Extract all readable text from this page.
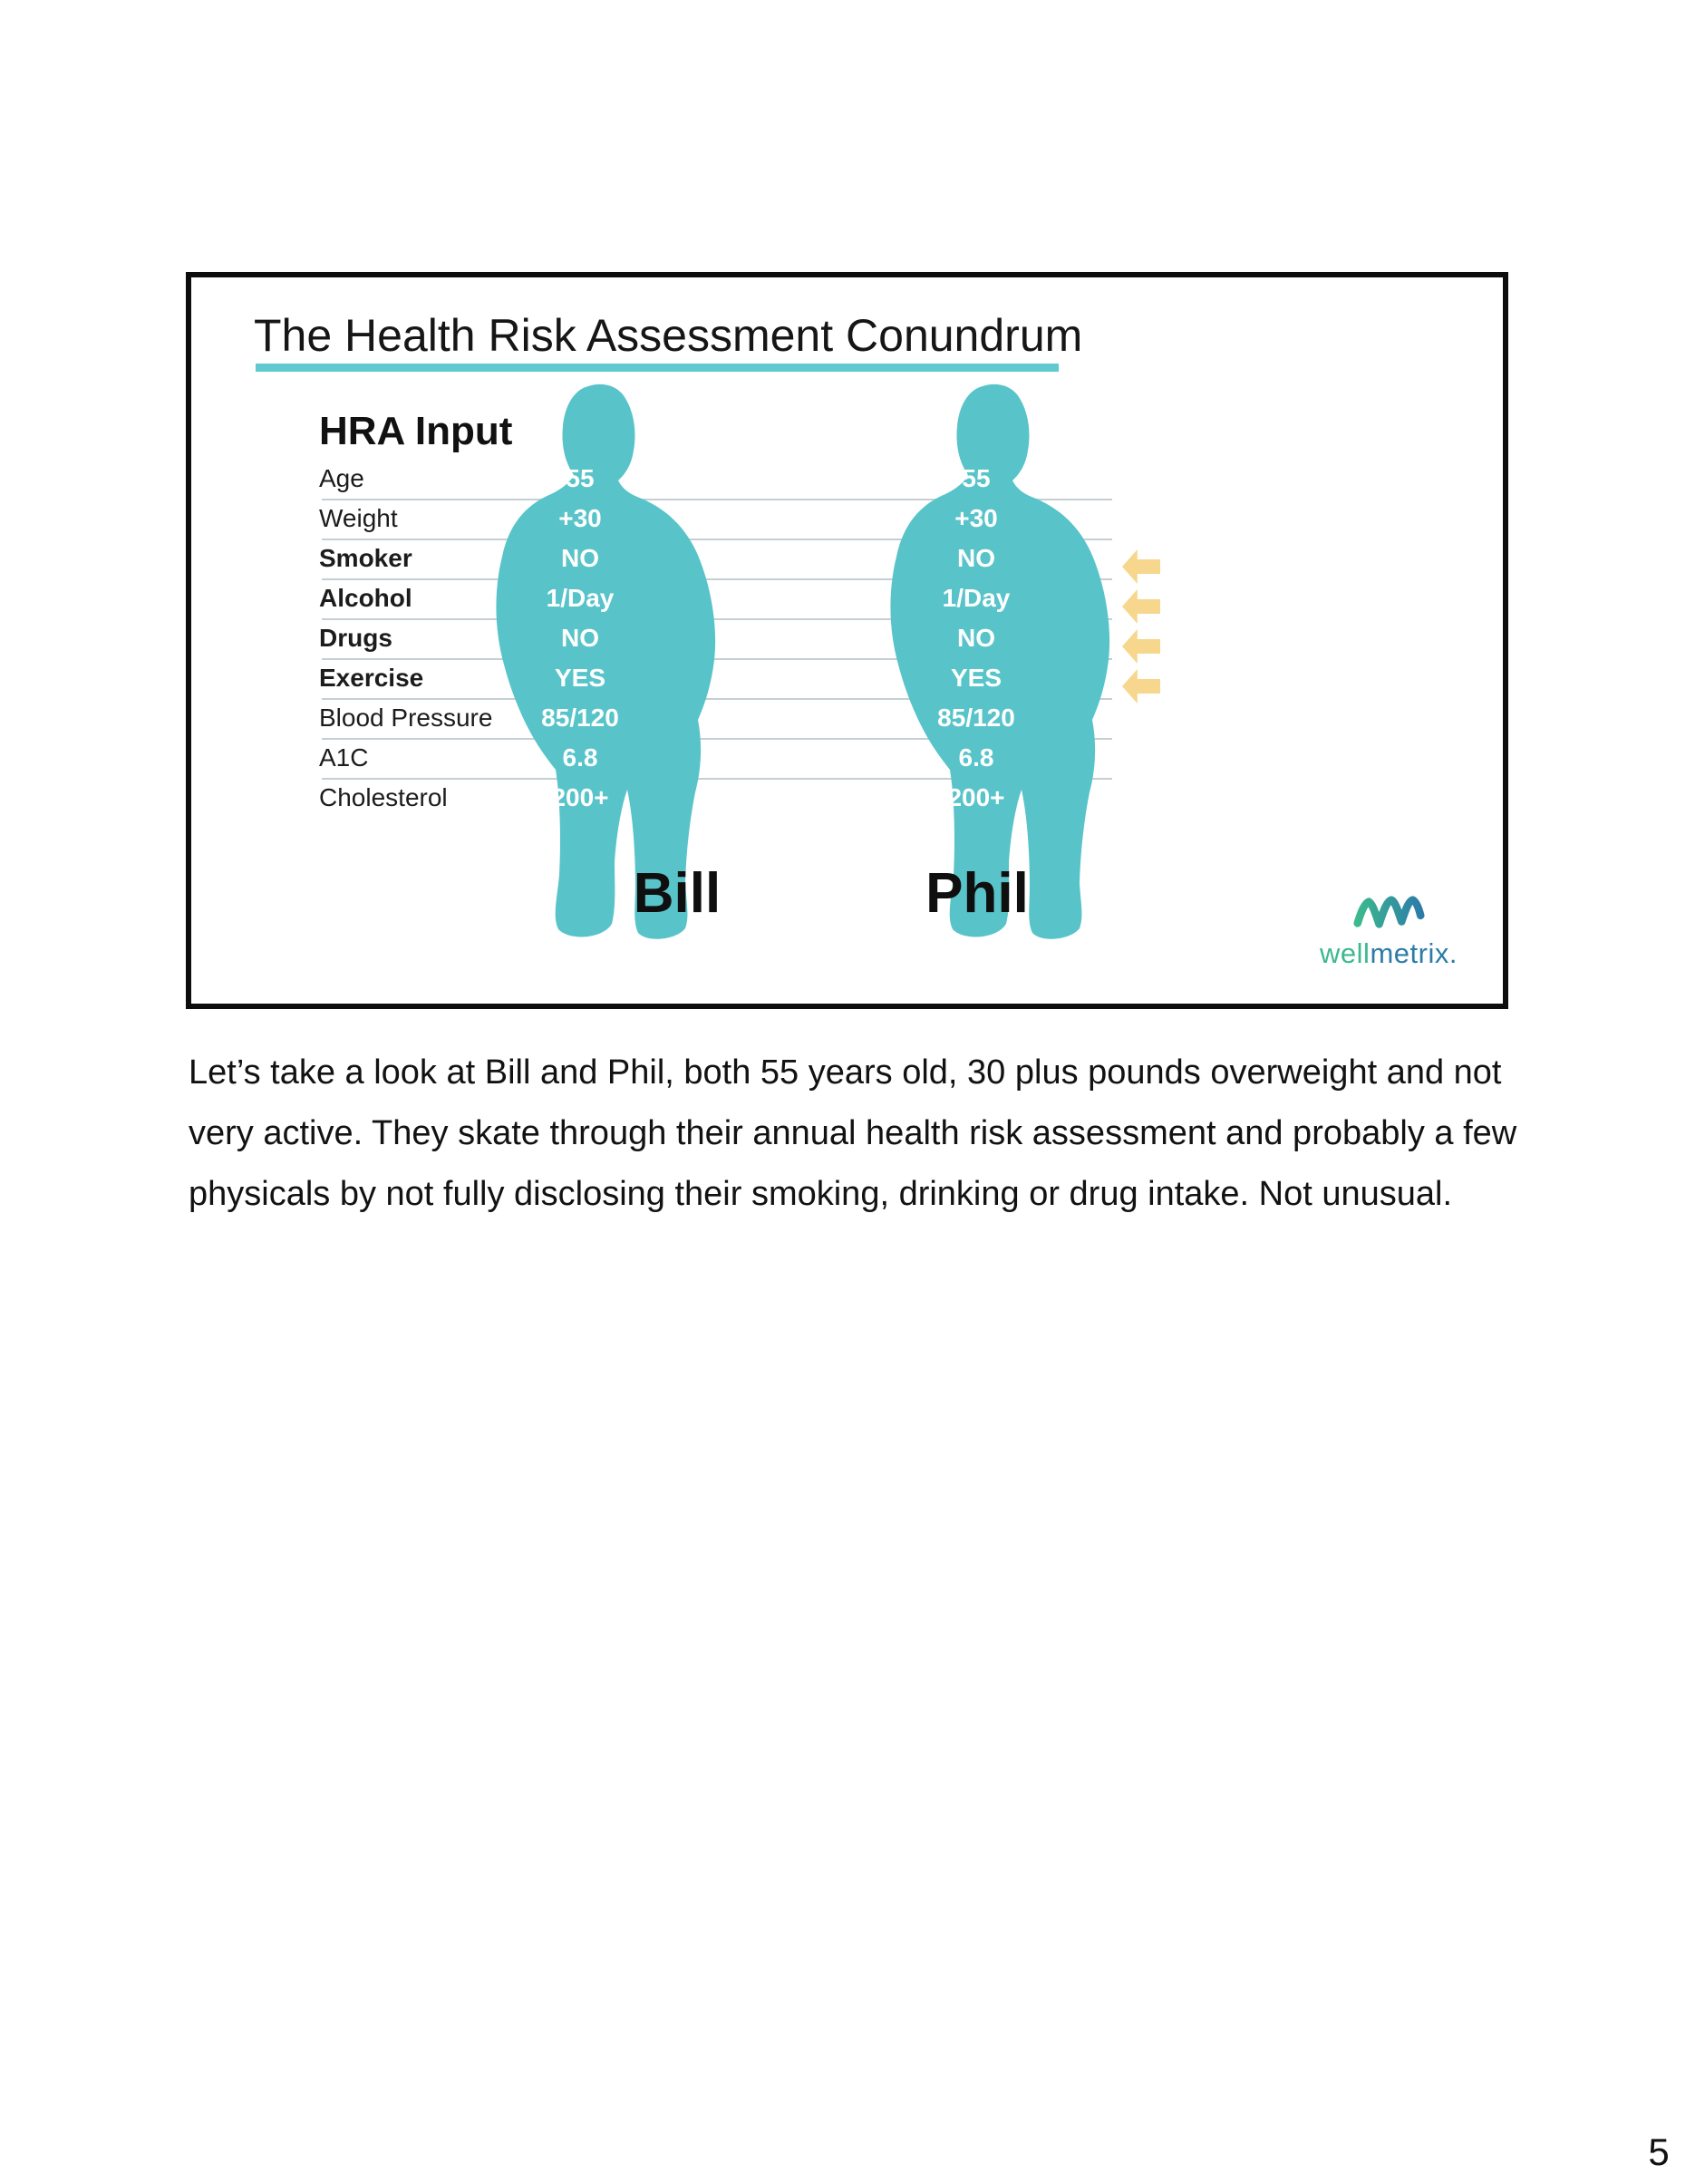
The Health Risk Assessment Conundrum
HRA Input
Age
Weight
Smoker
Alcohol
Drugs
Exercise
Blood Pressure
A1C
Cholesterol
55
+30
NO
1/Day
NO
YES
85/120
6.8
200+
55
+30
NO
1/Day
NO
YES
85/120
6.8
200+
Bill	Phil
wellmetrix.

Let’s take a look at Bill and Phil, both 55 years old, 30 plus pounds overweight and not very active. They skate through their annual health risk assessment and probably a few physicals by not fully disclosing their smoking, drinking or drug intake. Not unusual.

5
